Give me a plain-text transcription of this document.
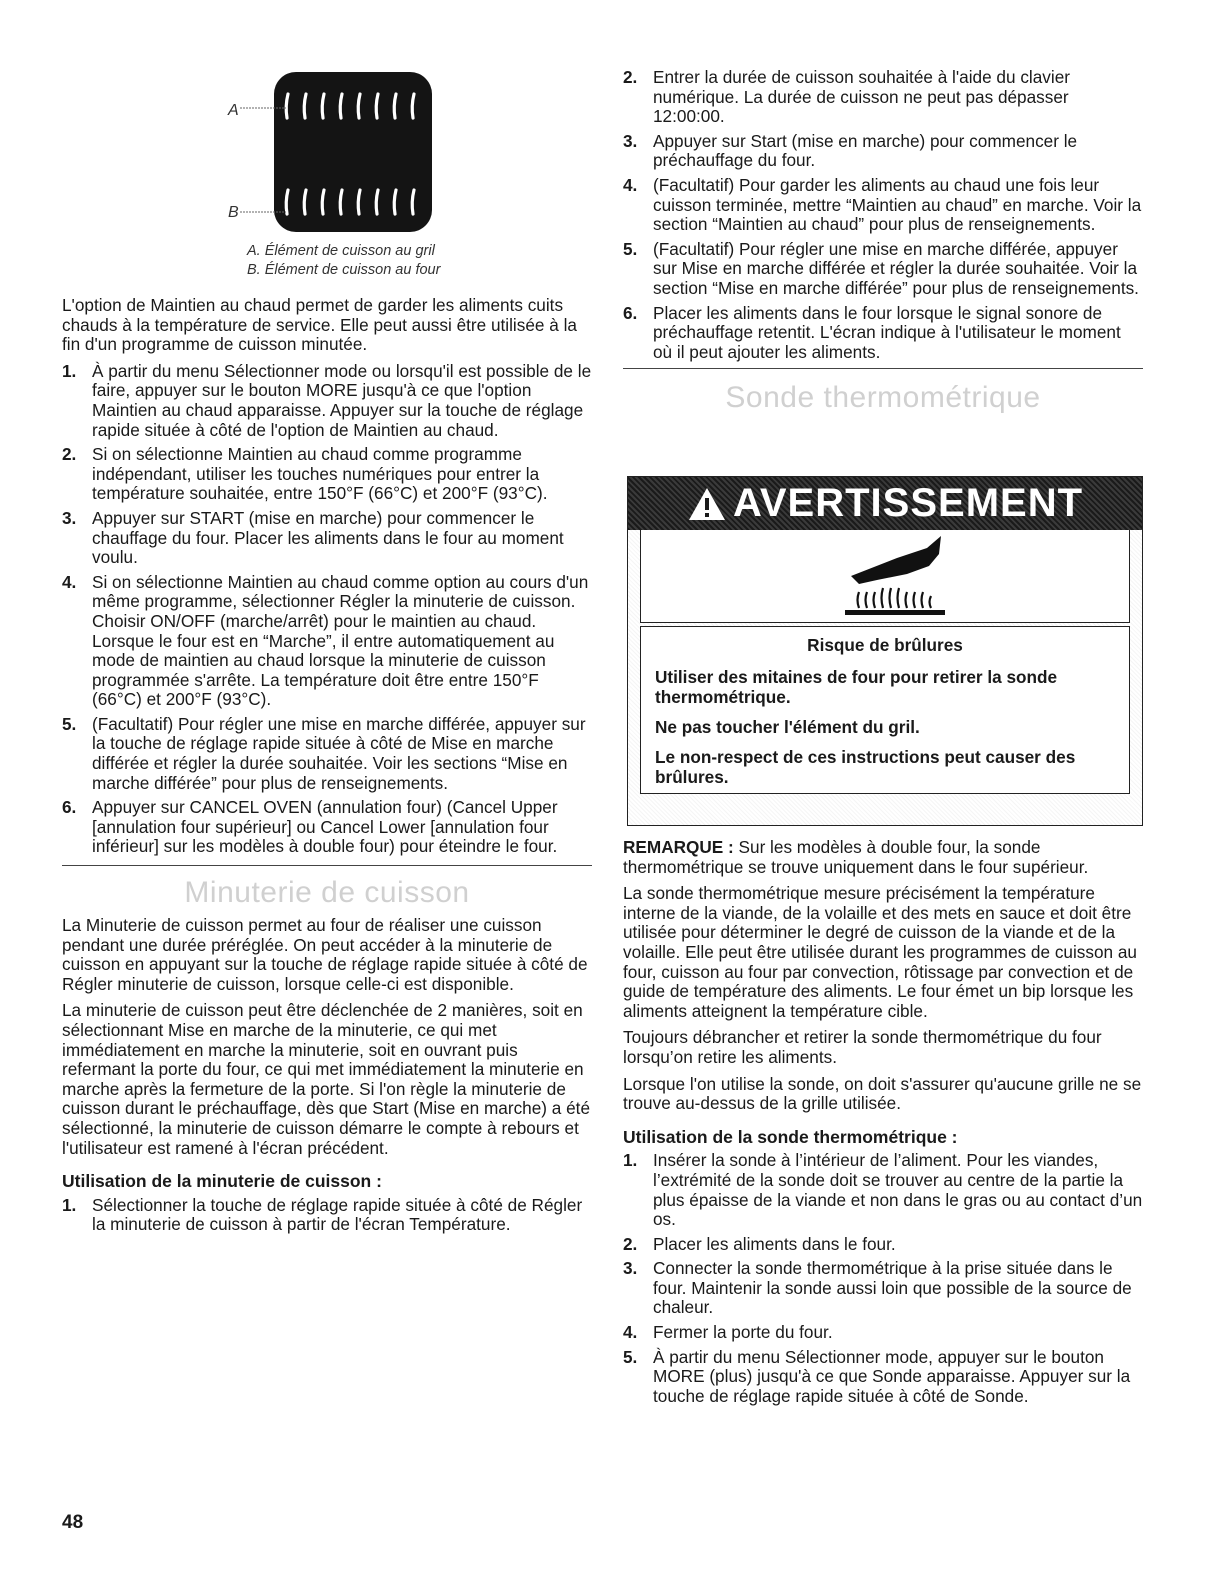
A
B
A. Élément de cuisson au gril
B. Élément de cuisson au four

L'option de Maintien au chaud permet de garder les aliments cuits chauds à la température de service. Elle peut aussi être utilisée à la fin d'un programme de cuisson minutée.

1. À partir du menu Sélectionner mode ou lorsqu'il est possible de le faire, appuyer sur le bouton MORE jusqu'à ce que l'option Maintien au chaud apparaisse. Appuyer sur la touche de réglage rapide située à côté de l'option de Maintien au chaud.
2. Si on sélectionne Maintien au chaud comme programme indépendant, utiliser les touches numériques pour entrer la température souhaitée, entre 150°F (66°C) et 200°F (93°C).
3. Appuyer sur START (mise en marche) pour commencer le chauffage du four. Placer les aliments dans le four au moment voulu.
4. Si on sélectionne Maintien au chaud comme option au cours d'un même programme, sélectionner Régler la minuterie de cuisson. Choisir ON/OFF (marche/arrêt) pour le maintien au chaud. Lorsque le four est en “Marche”, il entre automatiquement au mode de maintien au chaud lorsque la minuterie de cuisson programmée s'arrête. La température doit être entre 150°F (66°C) et 200°F (93°C).
5. (Facultatif) Pour régler une mise en marche différée, appuyer sur la touche de réglage rapide située à côté de Mise en marche différée et régler la durée souhaitée. Voir les sections “Mise en marche différée” pour plus de renseignements.
6. Appuyer sur CANCEL OVEN (annulation four) (Cancel Upper [annulation four supérieur] ou Cancel Lower [annulation four inférieur] sur les modèles à double four) pour éteindre le four.
Minuterie de cuisson

La Minuterie de cuisson permet au four de réaliser une cuisson pendant une durée préréglée. On peut accéder à la minuterie de cuisson en appuyant sur la touche de réglage rapide située à côté de Régler minuterie de cuisson, lorsque celle-ci est disponible.

La minuterie de cuisson peut être déclenchée de 2 manières, soit en sélectionnant Mise en marche de la minuterie, ce qui met immédiatement en marche la minuterie, soit en ouvrant puis refermant la porte du four, ce qui met immédiatement la minuterie en marche après la fermeture de la porte. Si l'on règle la minuterie de cuisson durant le préchauffage, dès que Start (Mise en marche) a été sélectionné, la minuterie de cuisson démarre le compte à rebours et l'utilisateur est ramené à l'écran précédent.

Utilisation de la minuterie de cuisson :
1. Sélectionner la touche de réglage rapide située à côté de Régler la minuterie de cuisson à partir de l'écran Température.
2. Entrer la durée de cuisson souhaitée à l'aide du clavier numérique. La durée de cuisson ne peut pas dépasser 12:00:00.
3. Appuyer sur Start (mise en marche) pour commencer le préchauffage du four.
4. (Facultatif) Pour garder les aliments au chaud une fois leur cuisson terminée, mettre “Maintien au chaud” en marche. Voir la section “Maintien au chaud” pour plus de renseignements.
5. (Facultatif) Pour régler une mise en marche différée, appuyer sur Mise en marche différée et régler la durée souhaitée. Voir la section “Mise en marche différée” pour plus de renseignements.
6. Placer les aliments dans le four lorsque le signal sonore de préchauffage retentit. L'écran indique à l'utilisateur le moment où il peut ajouter les aliments.
Sonde thermométrique
AVERTISSEMENT

Risque de brûlures

Utiliser des mitaines de four pour retirer la sonde thermométrique.

Ne pas toucher l'élément du gril.

Le non-respect de ces instructions peut causer des brûlures.

REMARQUE : Sur les modèles à double four, la sonde thermométrique se trouve uniquement dans le four supérieur.

La sonde thermométrique mesure précisément la température interne de la viande, de la volaille et des mets en sauce et doit être utilisée pour déterminer le degré de cuisson de la viande et de la volaille. Elle peut être utilisée durant les programmes de cuisson au four, cuisson au four par convection, rôtissage par convection et de guide de température des aliments. Le four émet un bip lorsque les aliments atteignent la température cible.

Toujours débrancher et retirer la sonde thermométrique du four lorsqu’on retire les aliments.

Lorsque l'on utilise la sonde, on doit s'assurer qu'aucune grille ne se trouve au-dessus de la grille utilisée.

Utilisation de la sonde thermométrique :
1. Insérer la sonde à l’intérieur de l’aliment. Pour les viandes, l’extrémité de la sonde doit se trouver au centre de la partie la plus épaisse de la viande et non dans le gras ou au contact d’un os.
2. Placer les aliments dans le four.
3. Connecter la sonde thermométrique à la prise située dans le four. Maintenir la sonde aussi loin que possible de la source de chaleur.
4. Fermer la porte du four.
5. À partir du menu Sélectionner mode, appuyer sur le bouton MORE (plus) jusqu'à ce que Sonde apparaisse. Appuyer sur la touche de réglage rapide située à côté de Sonde.
48
